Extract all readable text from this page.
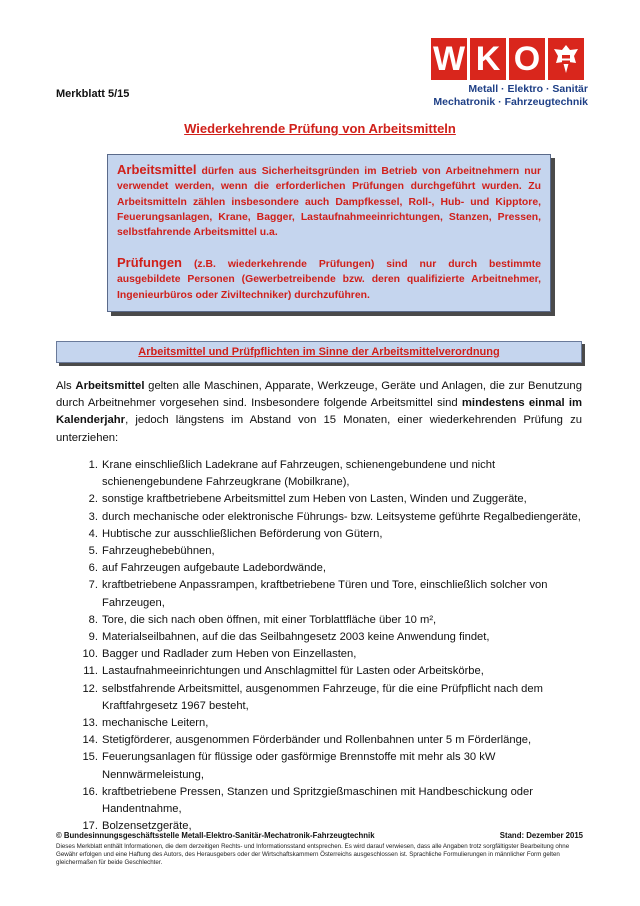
W K O
Metall · Elektro · Sanitär
Mechatronik · Fahrzeugtechnik
Merkblatt 5/15
Wiederkehrende Prüfung von Arbeitsmitteln

Arbeitsmittel dürfen aus Sicherheitsgründen im Betrieb von Arbeitnehmern nur verwendet werden, wenn die erforderlichen Prüfungen durchgeführt wurden. Zu Arbeitsmitteln zählen insbesondere auch Dampfkessel, Roll-, Hub- und Kipptore, Feuerungsanlagen, Krane, Bagger, Lastaufnahmeeinrichtungen, Stanzen, Pressen, selbstfahrende Arbeitsmittel u.a.

Prüfungen (z.B. wiederkehrende Prüfungen) sind nur durch bestimmte ausgebildete Personen (Gewerbetreibende bzw. deren qualifizierte Arbeitnehmer, Ingenieurbüros oder Ziviltechniker) durchzuführen.

Arbeitsmittel und Prüfpflichten im Sinne der Arbeitsmittelverordnung
Als Arbeitsmittel gelten alle Maschinen, Apparate, Werkzeuge, Geräte und Anlagen, die zur Benutzung durch Arbeitnehmer vorgesehen sind. Insbesondere folgende Arbeitsmittel sind mindestens einmal im Kalenderjahr, jedoch längstens im Abstand von 15 Monaten, einer wiederkehrenden Prüfung zu unterziehen:
1. Krane einschließlich Ladekrane auf Fahrzeugen, schienengebundene und nicht schienengebundene Fahrzeugkrane (Mobilkrane),
2. sonstige kraftbetriebene Arbeitsmittel zum Heben von Lasten, Winden und Zuggeräte,
3. durch mechanische oder elektronische Führungs- bzw. Leitsysteme geführte Regalbediengeräte,
4. Hubtische zur ausschließlichen Beförderung von Gütern,
5. Fahrzeughebebühnen,
6. auf Fahrzeugen aufgebaute Ladebordwände,
7. kraftbetriebene Anpassrampen, kraftbetriebene Türen und Tore, einschließlich solcher von Fahrzeugen,
8. Tore, die sich nach oben öffnen, mit einer Torblattfläche über 10 m²,
9. Materialseilbahnen, auf die das Seilbahngesetz 2003 keine Anwendung findet,
10. Bagger und Radlader zum Heben von Einzellasten,
11. Lastaufnahmeeinrichtungen und Anschlagmittel für Lasten oder Arbeitskörbe,
12. selbstfahrende Arbeitsmittel, ausgenommen Fahrzeuge, für die eine Prüfpflicht nach dem Kraftfahrgesetz 1967 besteht,
13. mechanische Leitern,
14. Stetigförderer, ausgenommen Förderbänder und Rollenbahnen unter 5 m Förderlänge,
15. Feuerungsanlagen für flüssige oder gasförmige Brennstoffe mit mehr als 30 kW Nennwärmeleistung,
16. kraftbetriebene Pressen, Stanzen und Spritzgießmaschinen mit Handbeschickung oder Handentnahme,
17. Bolzensetzgeräte,
© Bundesinnungsgeschäftsstelle Metall-Elektro-Sanitär-Mechatronik-Fahrzeugtechnik	Stand: Dezember 2015
Dieses Merkblatt enthält Informationen, die dem derzeitigen Rechts- und Informationsstand entsprechen. Es wird darauf verwiesen, dass alle Angaben trotz sorgfältigster Bearbeitung ohne Gewähr erfolgen und eine Haftung des Autors, des Herausgebers oder der Wirtschaftskammern Österreichs ausgeschlossen ist. Sprachliche Formulierungen in männlicher Form gelten gleichermaßen für beide Geschlechter.
